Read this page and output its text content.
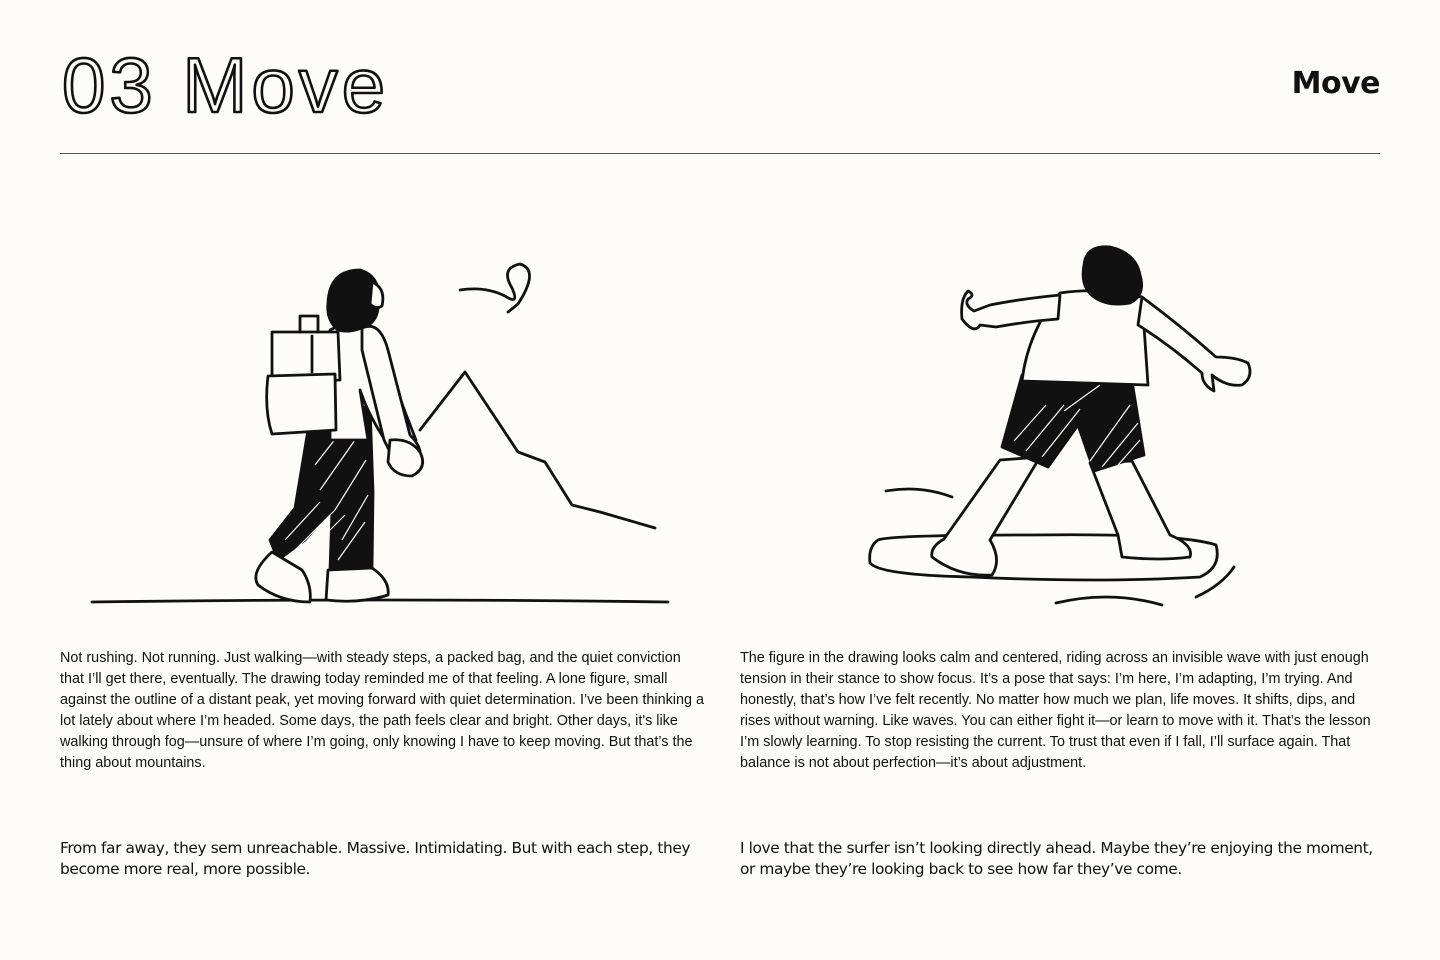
03 Move	Move

Not rushing. Not running. Just walking—with steady steps, a packed bag, and the quiet conviction that I’ll get there, eventually. The drawing today reminded me of that feeling. A lone figure, small against the outline of a distant peak, yet moving forward with quiet determination. I’ve been thinking a lot lately about where I’m headed. Some days, the path feels clear and bright. Other days, it's like walking through fog—unsure of where I’m going, only knowing I have to keep moving. But that’s the thing about mountains.

The figure in the drawing looks calm and centered, riding across an invisible wave with just enough tension in their stance to show focus. It’s a pose that says: I’m here, I’m adapting, I’m trying. And honestly, that’s how I’ve felt recently. No matter how much we plan, life moves. It shifts, dips, and rises without warning. Like waves. You can either fight it—or learn to move with it. That’s the lesson I’m slowly learning. To stop resisting the current. To trust that even if I fall, I’ll surface again. That balance is not about perfection—it’s about adjustment.

From far away, they sem unreachable. Massive. Intimidating. But with each step, they become more real, more possible.

I love that the surfer isn’t looking directly ahead. Maybe they’re enjoying the moment, or maybe they’re looking back to see how far they’ve come.
